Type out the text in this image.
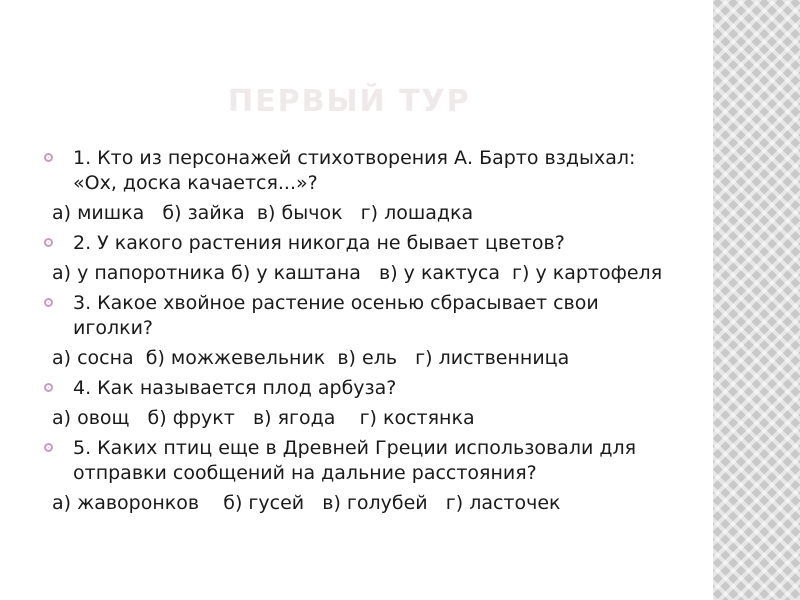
ПЕРВЫЙ ТУР
1. Кто из персонажей стихотворения А. Барто вздыхал: «Ох, доска качается...»?
а) мишка   б) зайка  в) бычок   г) лошадка
2. У какого растения никогда не бывает цветов?
а) у папоротника б) у каштана   в) у кактуса  г) у картофеля
3. Какое хвойное растение осенью сбрасывает свои иголки?
а) сосна  б) можжевельник  в) ель   г) лиственница
4. Как называется плод арбуза?
а) овощ   б) фрукт   в) ягода    г) костянка
5. Каких птиц еще в Древней Греции использовали для отправки сообщений на дальние расстояния?
а) жаворонков    б) гусей   в) голубей   г) ласточек
